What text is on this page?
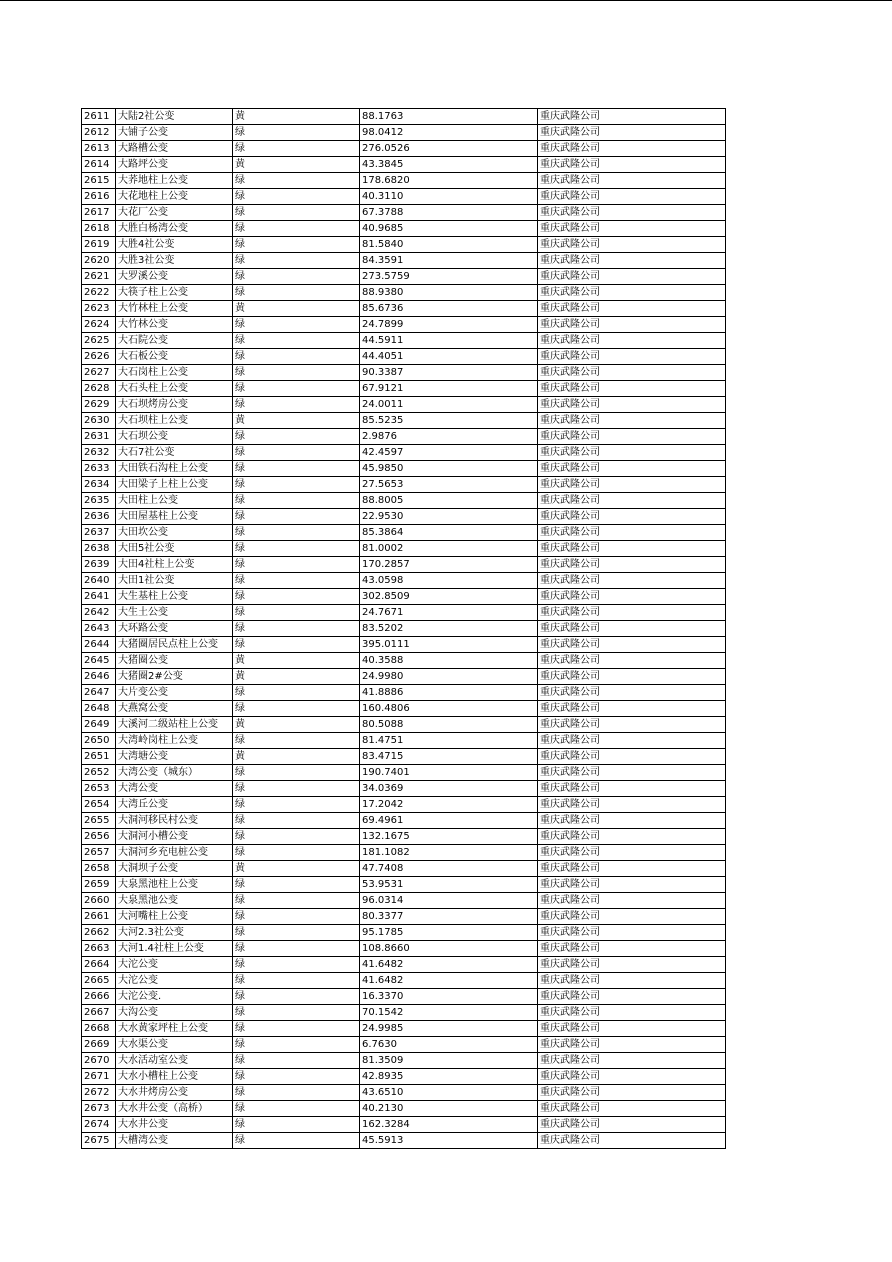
2611	大陆2社公变	黄	88.1763	重庆武隆公司
2612	大铺子公变	绿	98.0412	重庆武隆公司
2613	大路槽公变	绿	276.0526	重庆武隆公司
2614	大路坪公变	黄	43.3845	重庆武隆公司
2615	大荞地柱上公变	绿	178.6820	重庆武隆公司
2616	大花地柱上公变	绿	40.3110	重庆武隆公司
2617	大花厂公变	绿	67.3788	重庆武隆公司
2618	大胜白杨湾公变	绿	40.9685	重庆武隆公司
2619	大胜4社公变	绿	81.5840	重庆武隆公司
2620	大胜3社公变	绿	84.3591	重庆武隆公司
2621	大罗溪公变	绿	273.5759	重庆武隆公司
2622	大筷子柱上公变	绿	88.9380	重庆武隆公司
2623	大竹林柱上公变	黄	85.6736	重庆武隆公司
2624	大竹林公变	绿	24.7899	重庆武隆公司
2625	大石院公变	绿	44.5911	重庆武隆公司
2626	大石板公变	绿	44.4051	重庆武隆公司
2627	大石岗柱上公变	绿	90.3387	重庆武隆公司
2628	大石头柱上公变	绿	67.9121	重庆武隆公司
2629	大石坝烤房公变	绿	24.0011	重庆武隆公司
2630	大石坝柱上公变	黄	85.5235	重庆武隆公司
2631	大石坝公变	绿	2.9876	重庆武隆公司
2632	大石7社公变	绿	42.4597	重庆武隆公司
2633	大田铁石沟柱上公变	绿	45.9850	重庆武隆公司
2634	大田梁子上柱上公变	绿	27.5653	重庆武隆公司
2635	大田柱上公变	绿	88.8005	重庆武隆公司
2636	大田屋基柱上公变	绿	22.9530	重庆武隆公司
2637	大田坎公变	绿	85.3864	重庆武隆公司
2638	大田5社公变	绿	81.0002	重庆武隆公司
2639	大田4社柱上公变	绿	170.2857	重庆武隆公司
2640	大田1社公变	绿	43.0598	重庆武隆公司
2641	大生基柱上公变	绿	302.8509	重庆武隆公司
2642	大生土公变	绿	24.7671	重庆武隆公司
2643	大环路公变	绿	83.5202	重庆武隆公司
2644	大猪圈居民点柱上公变	绿	395.0111	重庆武隆公司
2645	大猪圈公变	黄	40.3588	重庆武隆公司
2646	大猪圈2#公变	黄	24.9980	重庆武隆公司
2647	大片变公变	绿	41.8886	重庆武隆公司
2648	大燕窝公变	绿	160.4806	重庆武隆公司
2649	大溪河二级站柱上公变	黄	80.5088	重庆武隆公司
2650	大湾岭岗柱上公变	绿	81.4751	重庆武隆公司
2651	大湾塘公变	黄	83.4715	重庆武隆公司
2652	大湾公变（城东）	绿	190.7401	重庆武隆公司
2653	大湾公变	绿	34.0369	重庆武隆公司
2654	大湾丘公变	绿	17.2042	重庆武隆公司
2655	大洞河移民村公变	绿	69.4961	重庆武隆公司
2656	大洞河小槽公变	绿	132.1675	重庆武隆公司
2657	大洞河乡充电桩公变	绿	181.1082	重庆武隆公司
2658	大洞坝子公变	黄	47.7408	重庆武隆公司
2659	大泉黑池柱上公变	绿	53.9531	重庆武隆公司
2660	大泉黑池公变	绿	96.0314	重庆武隆公司
2661	大河嘴柱上公变	绿	80.3377	重庆武隆公司
2662	大河2.3社公变	绿	95.1785	重庆武隆公司
2663	大河1.4社柱上公变	绿	108.8660	重庆武隆公司
2664	大沱公变	绿	41.6482	重庆武隆公司
2665	大沱公变	绿	41.6482	重庆武隆公司
2666	大沱公变.	绿	16.3370	重庆武隆公司
2667	大沟公变	绿	70.1542	重庆武隆公司
2668	大水黄家坪柱上公变	绿	24.9985	重庆武隆公司
2669	大水渠公变	绿	6.7630	重庆武隆公司
2670	大水活动室公变	绿	81.3509	重庆武隆公司
2671	大水小槽柱上公变	绿	42.8935	重庆武隆公司
2672	大水井烤房公变	绿	43.6510	重庆武隆公司
2673	大水井公变（高桥）	绿	40.2130	重庆武隆公司
2674	大水井公变	绿	162.3284	重庆武隆公司
2675	大槽湾公变	绿	45.5913	重庆武隆公司
